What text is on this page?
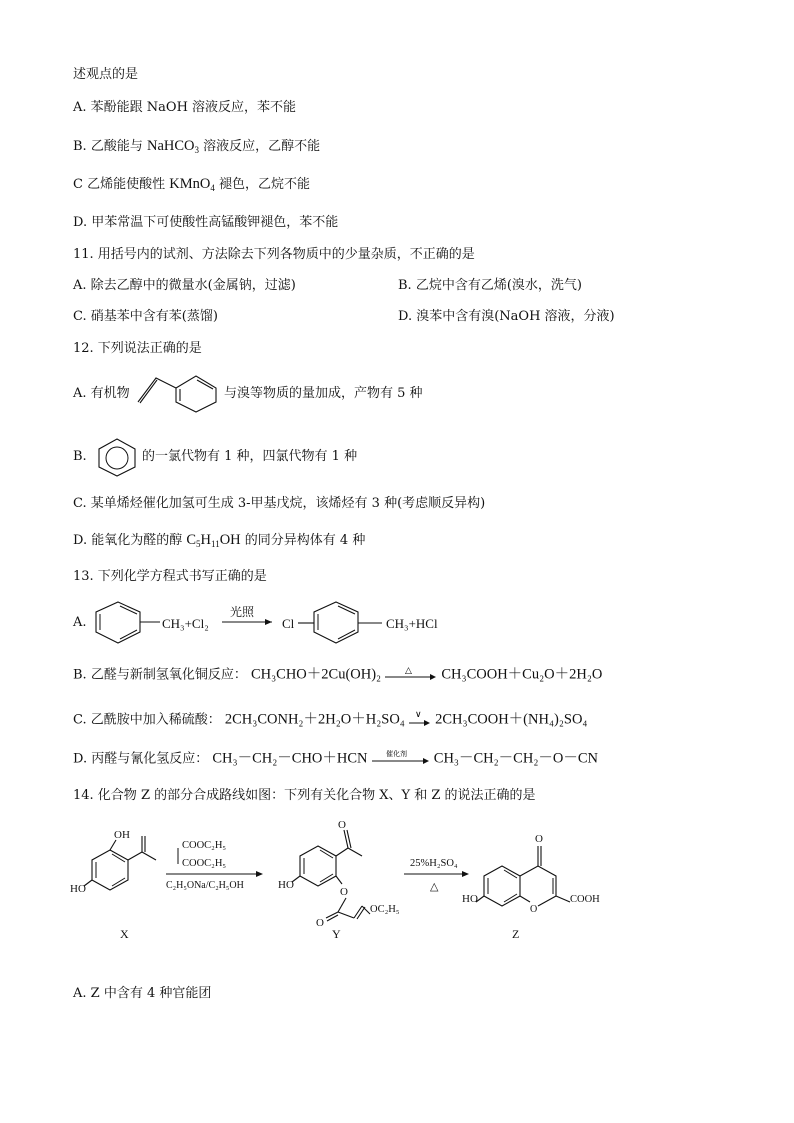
述观点的是
A. 苯酚能跟 NaOH 溶液反应，苯不能
B. 乙酸能与 NaHCO$_3$ 溶液反应，乙醇不能
C 乙烯能使酸性 KMnO$_4$ 褪色，乙烷不能
D. 甲苯常温下可使酸性高锰酸钾褪色，苯不能
11. 用括号内的试剂、方法除去下列各物质中的少量杂质，不正确的是
A. 除去乙醇中的微量水(金属钠，过滤)	B. 乙烷中含有乙烯(溴水，洗气)
C. 硝基苯中含有苯(蒸馏)	D. 溴苯中含有溴(NaOH 溶液，分液)
12. 下列说法正确的是
A. 有机物	与溴等物质的量加成，产物有 5 种
B.	的一氯代物有 1 种，四氯代物有 1 种
C. 某单烯烃催化加氢可生成 3-甲基戊烷，该烯烃有 3 种(考虑顺反异构)
D. 能氧化为醛的醇 $C_5H_{11}OH$ 的同分异构体有 4 种
13. 下列化学方程式书写正确的是
A.	CH₃+Cl₂
光照
Cl	CH₃+HCl
B. 乙醛与新制氢氧化铜反应： CH₃CHO＋2Cu(OH)₂	△ CH₃COOH＋Cu₂O＋2H₂O
C. 乙酰胺中加入稀硫酸： 2CH₃CONH₂＋2H₂O＋H₂SO₄ ∨ 2CH₃COOH＋(NH₄)₂SO₄
D. 丙醛与氰化氢反应： CH₃－CH₂－CHO＋HCN	催化剂 CH₃－CH₂－CH₂－O－CN
14. 化合物 Z 的部分合成路线如图：下列有关化合物 X、Y 和 Z 的说法正确的是
OH
HO
X
COOC₂H₅
COOC₂H₅
C₂H₅ONa/C₂H₅OH
O
HO
O
O
OC₂H₅
Y
25%H₂SO₄
△
O
O
COOH
HO
Z
A. Z 中含有 4 种官能团
